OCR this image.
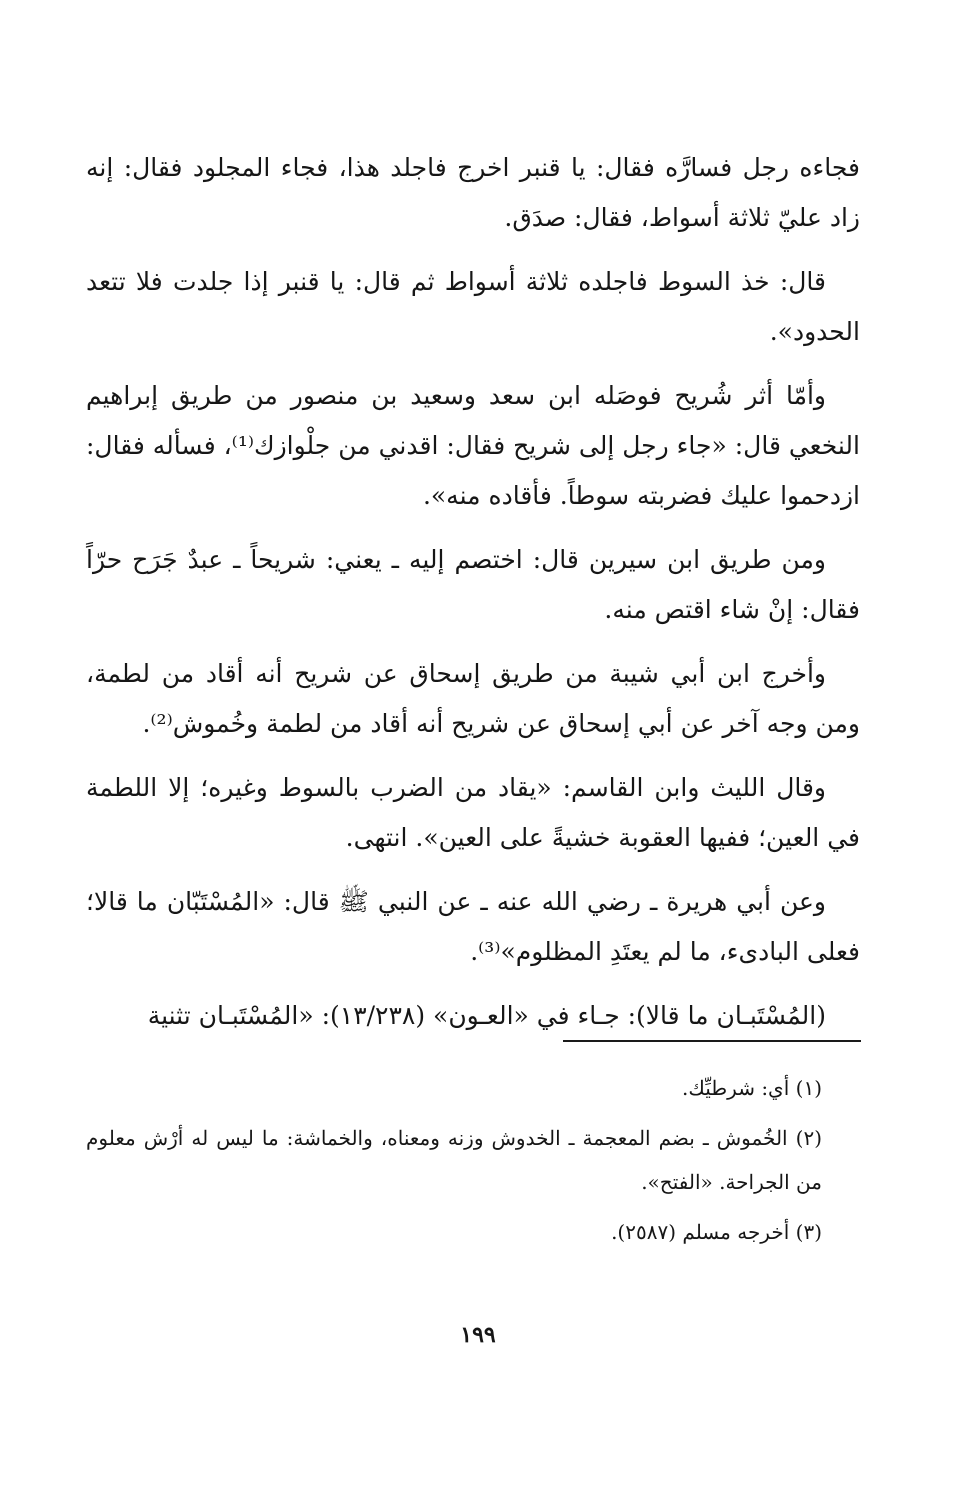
فجاءه رجل فسارَّه فقال: يا قنبر اخرج فاجلد هذا، فجاء المجلود فقال: إنه زاد عليّ ثلاثة أسواط، فقال: صدَق.

قال: خذ السوط فاجلده ثلاثة أسواط ثم قال: يا قنبر إذا جلدت فلا تتعد الحدود».

وأمّا أثر شُريح فوصَله ابن سعد وسعيد بن منصور من طريق إبراهيم النخعي قال: «جاء رجل إلى شريح فقال: اقدني من جلْوازك⁽¹⁾، فسأله فقال: ازدحموا عليك فضربته سوطاً. فأقاده منه».

ومن طريق ابن سيرين قال: اختصم إليه ـ يعني: شريحاً ـ عبدٌ جَرَح حرّاً فقال: إنْ شاء اقتص منه.

وأخرج ابن أبي شيبة من طريق إسحاق عن شريح أنه أقاد من لطمة، ومن وجه آخر عن أبي إسحاق عن شريح أنه أقاد من لطمة وخُموش⁽²⁾.

وقال الليث وابن القاسم: «يقاد من الضرب بالسوط وغيره؛ إلا اللطمة في العين؛ ففيها العقوبة خشيةً على العين». انتهى.

وعن أبي هريرة ـ رضي الله عنه ـ عن النبي ﷺ قال: «المُسْتَبّان ما قالا؛ فعلى البادىء، ما لم يعتَدِ المظلوم»⁽³⁾.

(المُسْتَبـان ما قالا): جـاء في «العـون» (١٣/٢٣٨): «المُسْتَبـان تثنية

(١) أي: شرطيِّك.

(٢) الخُموش ـ بضم المعجمة ـ الخدوش وزنه ومعناه، والخماشة: ما ليس له أرْش معلوم من الجراحة. «الفتح».

(٣) أخرجه مسلم (٢٥٨٧).

١٩٩
